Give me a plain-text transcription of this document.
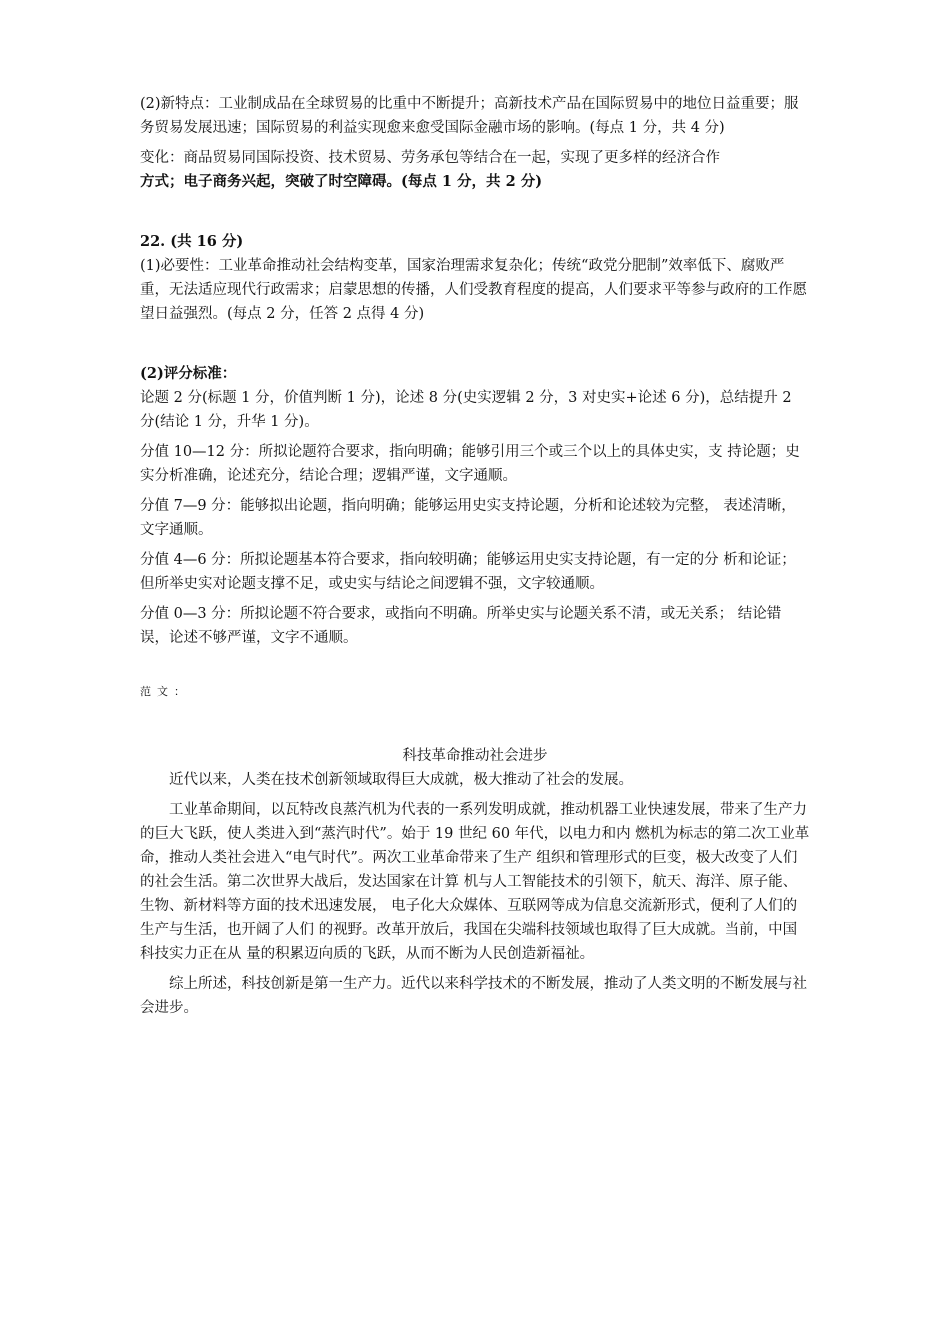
(2)新特点：工业制成品在全球贸易的比重中不断提升；高新技术产品在国际贸易中的地位日益重要；服务贸易发展迅速；国际贸易的利益实现愈来愈受国际金融市场的影响。(每点 1 分，共 4 分)

变化：商品贸易同国际投资、技术贸易、劳务承包等结合在一起，实现了更多样的经济合作

方式；电子商务兴起，突破了时空障碍。(每点 1 分，共 2 分)

22. (共 16 分)

(1)必要性：工业革命推动社会结构变革，国家治理需求复杂化；传统“政党分肥制”效率低下、腐败严重，无法适应现代行政需求；启蒙思想的传播，人们受教育程度的提高，人们要求平等参与政府的工作愿望日益强烈。(每点 2 分，任答 2 点得 4 分)

(2)评分标准：

论题 2 分(标题 1 分，价值判断 1 分)，论述 8 分(史实逻辑 2 分，3 对史实+论述 6 分)，总结提升 2 分(结论 1 分，升华 1 分)。

分值 10—12 分：所拟论题符合要求，指向明确；能够引用三个或三个以上的具体史实，支 持论题；史实分析准确，论述充分，结论合理；逻辑严谨，文字通顺。

分值 7—9 分：能够拟出论题，指向明确；能够运用史实支持论题，分析和论述较为完整， 表述清晰，文字通顺。

分值 4—6 分：所拟论题基本符合要求，指向较明确；能够运用史实支持论题，有一定的分 析和论证；但所举史实对论题支撑不足，或史实与结论之间逻辑不强，文字较通顺。

分值 0—3 分：所拟论题不符合要求，或指向不明确。所举史实与论题关系不清，或无关系； 结论错误，论述不够严谨，文字不通顺。

范文：

科技革命推动社会进步

近代以来，人类在技术创新领域取得巨大成就，极大推动了社会的发展。

工业革命期间，以瓦特改良蒸汽机为代表的一系列发明成就，推动机器工业快速发展，带来了生产力的巨大飞跃，使人类进入到“蒸汽时代”。始于 19 世纪 60 年代，以电力和内 燃机为标志的第二次工业革命，推动人类社会进入“电气时代”。两次工业革命带来了生产 组织和管理形式的巨变，极大改变了人们的社会生活。第二次世界大战后，发达国家在计算 机与人工智能技术的引领下，航天、海洋、原子能、生物、新材料等方面的技术迅速发展， 电子化大众媒体、互联网等成为信息交流新形式，便利了人们的生产与生活，也开阔了人们 的视野。改革开放后，我国在尖端科技领域也取得了巨大成就。当前，中国科技实力正在从 量的积累迈向质的飞跃，从而不断为人民创造新福祉。

综上所述，科技创新是第一生产力。近代以来科学技术的不断发展，推动了人类文明的不断发展与社会进步。
